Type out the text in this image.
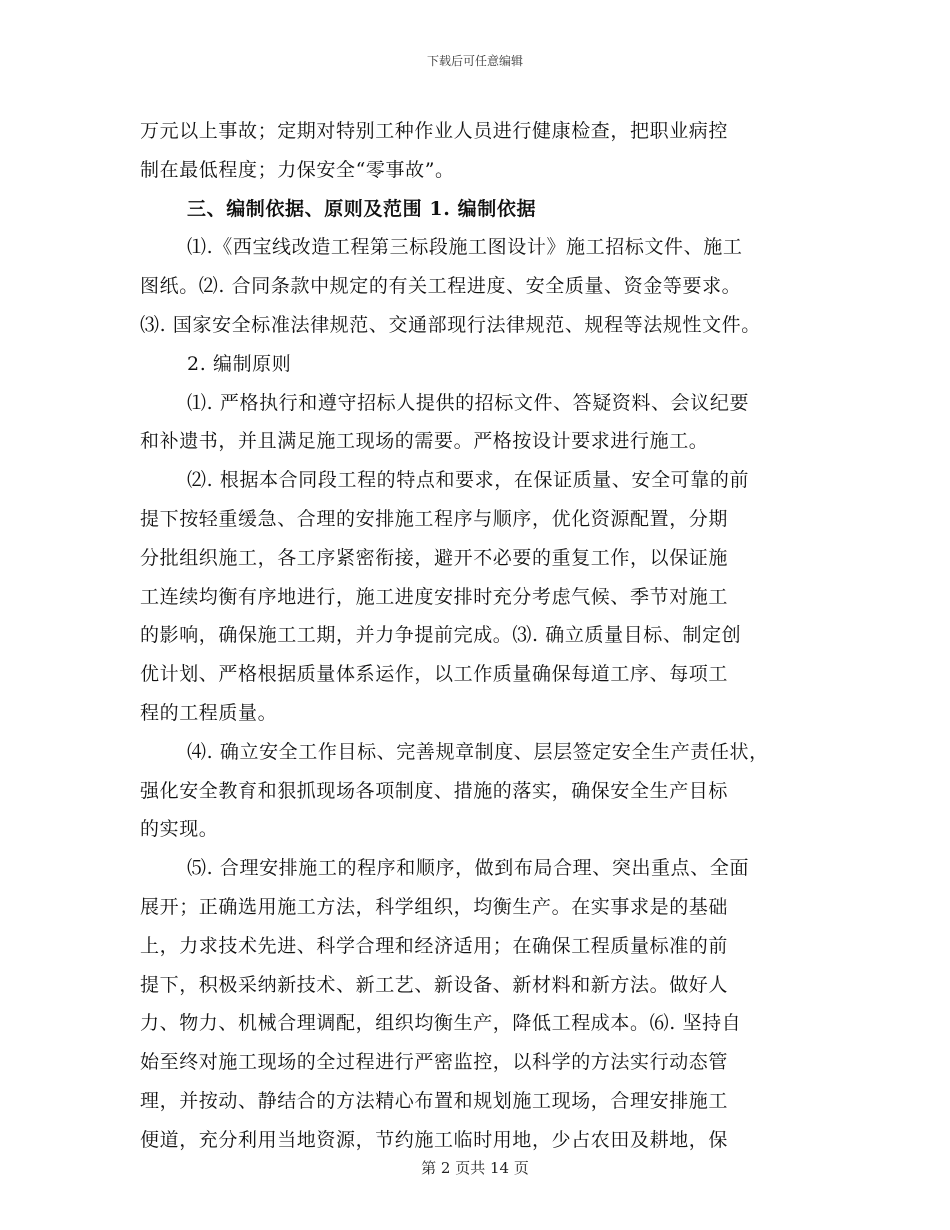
下载后可任意编辑
万元以上事故；定期对特别工种作业人员进行健康检查，把职业病控
制在最低程度；力保安全“零事故”。
三、编制依据、原则及范围 1. 编制依据
⑴.《西宝线改造工程第三标段施工图设计》施工招标文件、施工
图纸。⑵. 合同条款中规定的有关工程进度、安全质量、资金等要求。
⑶. 国家安全标准法律规范、交通部现行法律规范、规程等法规性文件。
2. 编制原则
⑴. 严格执行和遵守招标人提供的招标文件、答疑资料、会议纪要
和补遗书，并且满足施工现场的需要。严格按设计要求进行施工。
⑵. 根据本合同段工程的特点和要求，在保证质量、安全可靠的前
提下按轻重缓急、合理的安排施工程序与顺序，优化资源配置，分期
分批组织施工，各工序紧密衔接，避开不必要的重复工作，以保证施
工连续均衡有序地进行，施工进度安排时充分考虑气候、季节对施工
的影响，确保施工工期，并力争提前完成。⑶. 确立质量目标、制定创
优计划、严格根据质量体系运作，以工作质量确保每道工序、每项工
程的工程质量。
⑷. 确立安全工作目标、完善规章制度、层层签定安全生产责任状，
强化安全教育和狠抓现场各项制度、措施的落实，确保安全生产目标
的实现。
⑸. 合理安排施工的程序和顺序，做到布局合理、突出重点、全面
展开；正确选用施工方法，科学组织，均衡生产。在实事求是的基础
上，力求技术先进、科学合理和经济适用；在确保工程质量标准的前
提下，积极采纳新技术、新工艺、新设备、新材料和新方法。做好人
力、物力、机械合理调配，组织均衡生产，降低工程成本。⑹. 坚持自
始至终对施工现场的全过程进行严密监控，以科学的方法实行动态管
理，并按动、静结合的方法精心布置和规划施工现场，合理安排施工
便道，充分利用当地资源，节约施工临时用地，少占农田及耕地，保
第 2 页共 14 页
